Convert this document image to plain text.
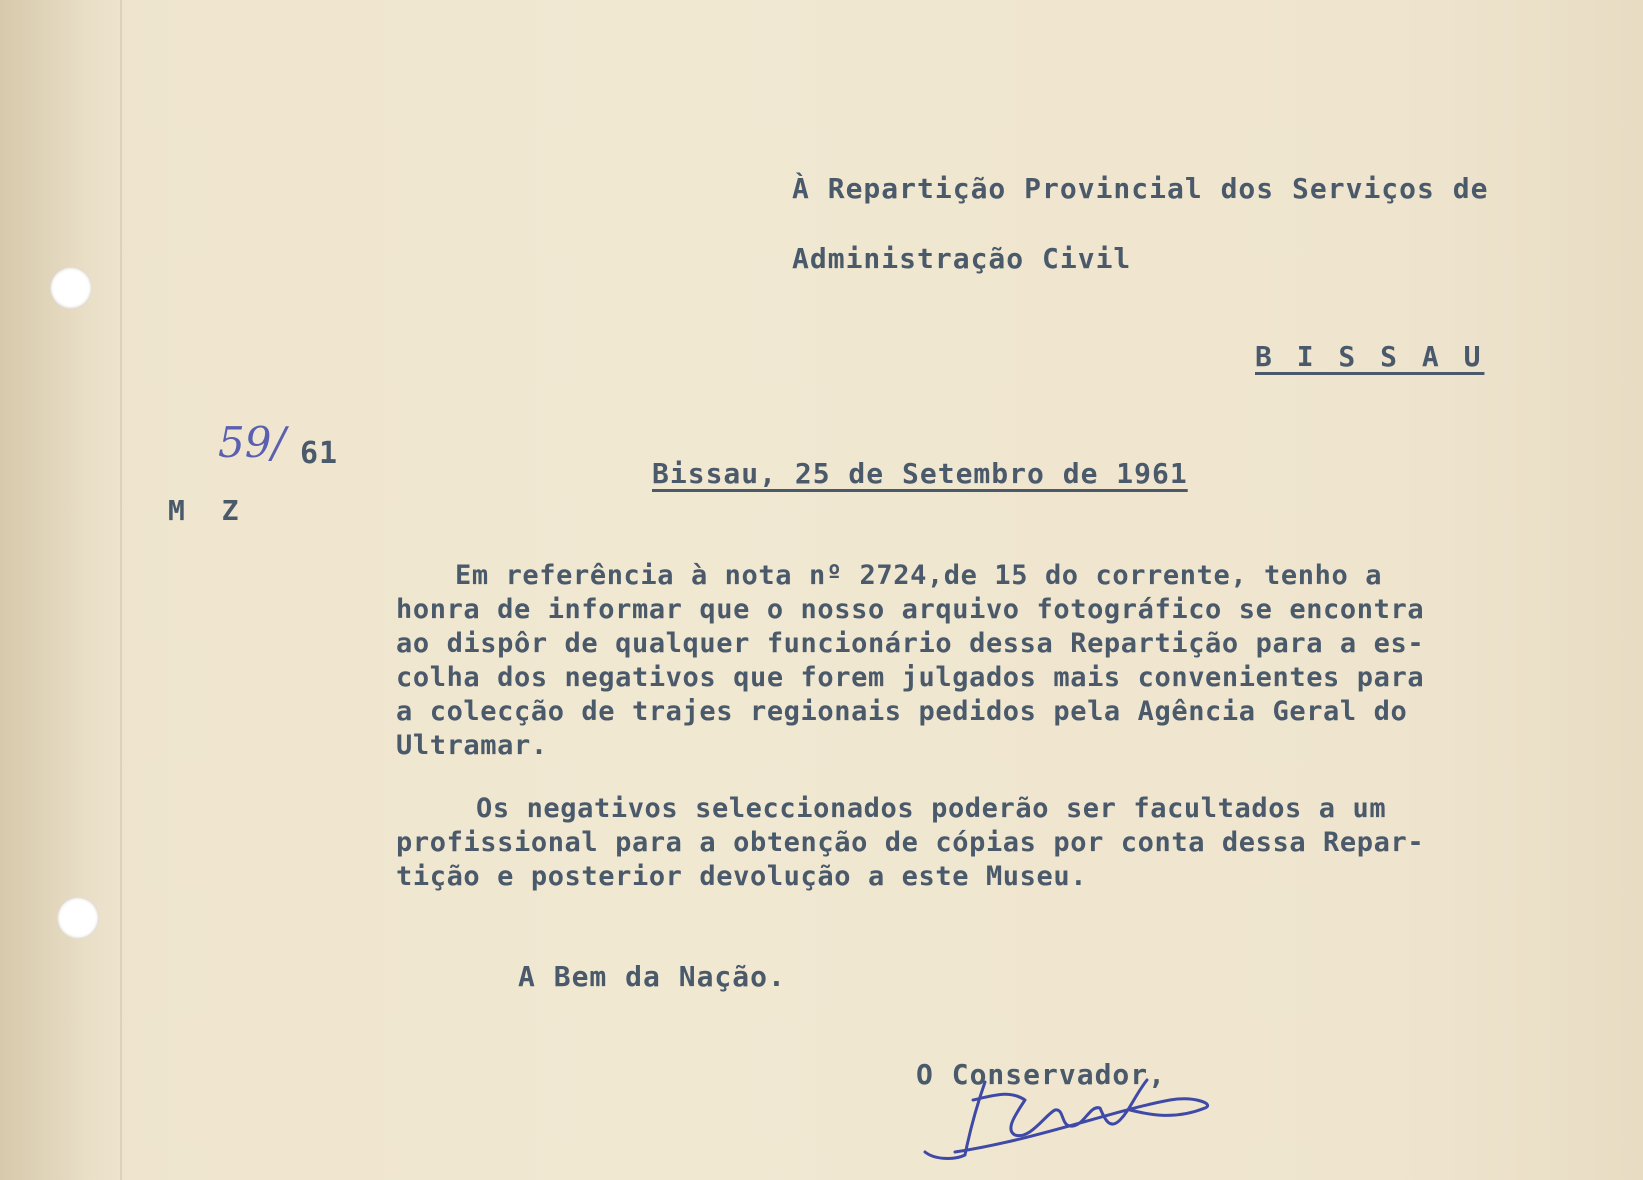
À Repartição Provincial dos Serviços de
Administração Civil
B I S S A U
59/ 61
M  Z
Bissau, 25 de Setembro de 1961
Em referência à nota nº 2724,de 15 do corrente, tenho a
honra de informar que o nosso arquivo fotográfico se encontra
ao dispôr de qualquer funcionário dessa Repartição para a es-
colha dos negativos que forem julgados mais convenientes para
a colecção de trajes regionais pedidos pela Agência Geral do
Ultramar.
Os negativos seleccionados poderão ser facultados a um
profissional para a obtenção de cópias por conta dessa Repar-
tição e posterior devolução a este Museu.
A Bem da Nação.
O Conservador,
